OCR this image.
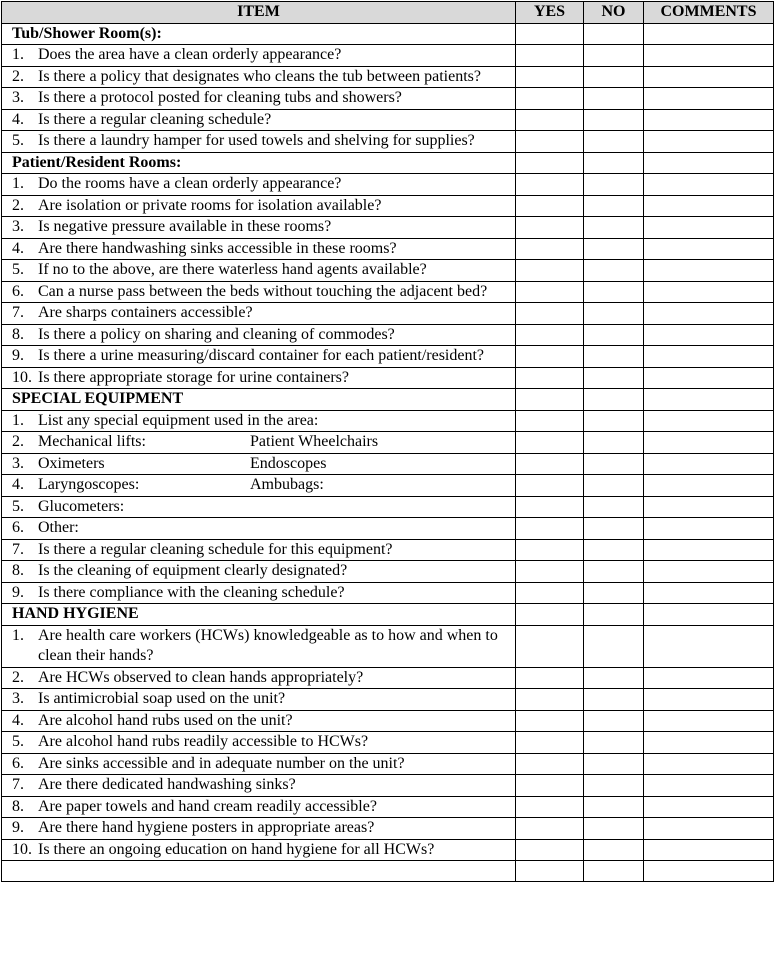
ITEM	YES	NO	COMMENTS
Tub/Shower Room(s):			

1. Does the area have a clean orderly appearance?			

2. Is there a policy that designates who cleans the tub between patients?			

3. Is there a protocol posted for cleaning tubs and showers?			

4. Is there a regular cleaning schedule?			

5. Is there a laundry hamper for used towels and shelving for supplies?			

Patient/Resident Rooms:			

1. Do the rooms have a clean orderly appearance?			

2. Are isolation or private rooms for isolation available?			

3. Is negative pressure available in these rooms?			

4. Are there handwashing sinks accessible in these rooms?			

5. If no to the above, are there waterless hand agents available?			

6. Can a nurse pass between the beds without touching the adjacent bed?			

7. Are sharps containers accessible?			

8. Is there a policy on sharing and cleaning of commodes?			

9. Is there a urine measuring/discard container for each patient/resident?			

10. Is there appropriate storage for urine containers?			

SPECIAL EQUIPMENT			

1. List any special equipment used in the area:			

2. Mechanical lifts: Patient Wheelchairs			

3. Oximeters Endoscopes			

4. Laryngoscopes: Ambubags:			

5. Glucometers:			

6. Other:			

7. Is there a regular cleaning schedule for this equipment?			

8. Is the cleaning of equipment clearly designated?			

9. Is there compliance with the cleaning schedule?			

HAND HYGIENE			

1. Are health care workers (HCWs) knowledgeable as to how and when to clean their hands?			

2. Are HCWs observed to clean hands appropriately?			

3. Is antimicrobial soap used on the unit?			

4. Are alcohol hand rubs used on the unit?			

5. Are alcohol hand rubs readily accessible to HCWs?			

6. Are sinks accessible and in adequate number on the unit?			

7. Are there dedicated handwashing sinks?			

8. Are paper towels and hand cream readily accessible?			

9. Are there hand hygiene posters in appropriate areas?			

10. Is there an ongoing education on hand hygiene for all HCWs?			
